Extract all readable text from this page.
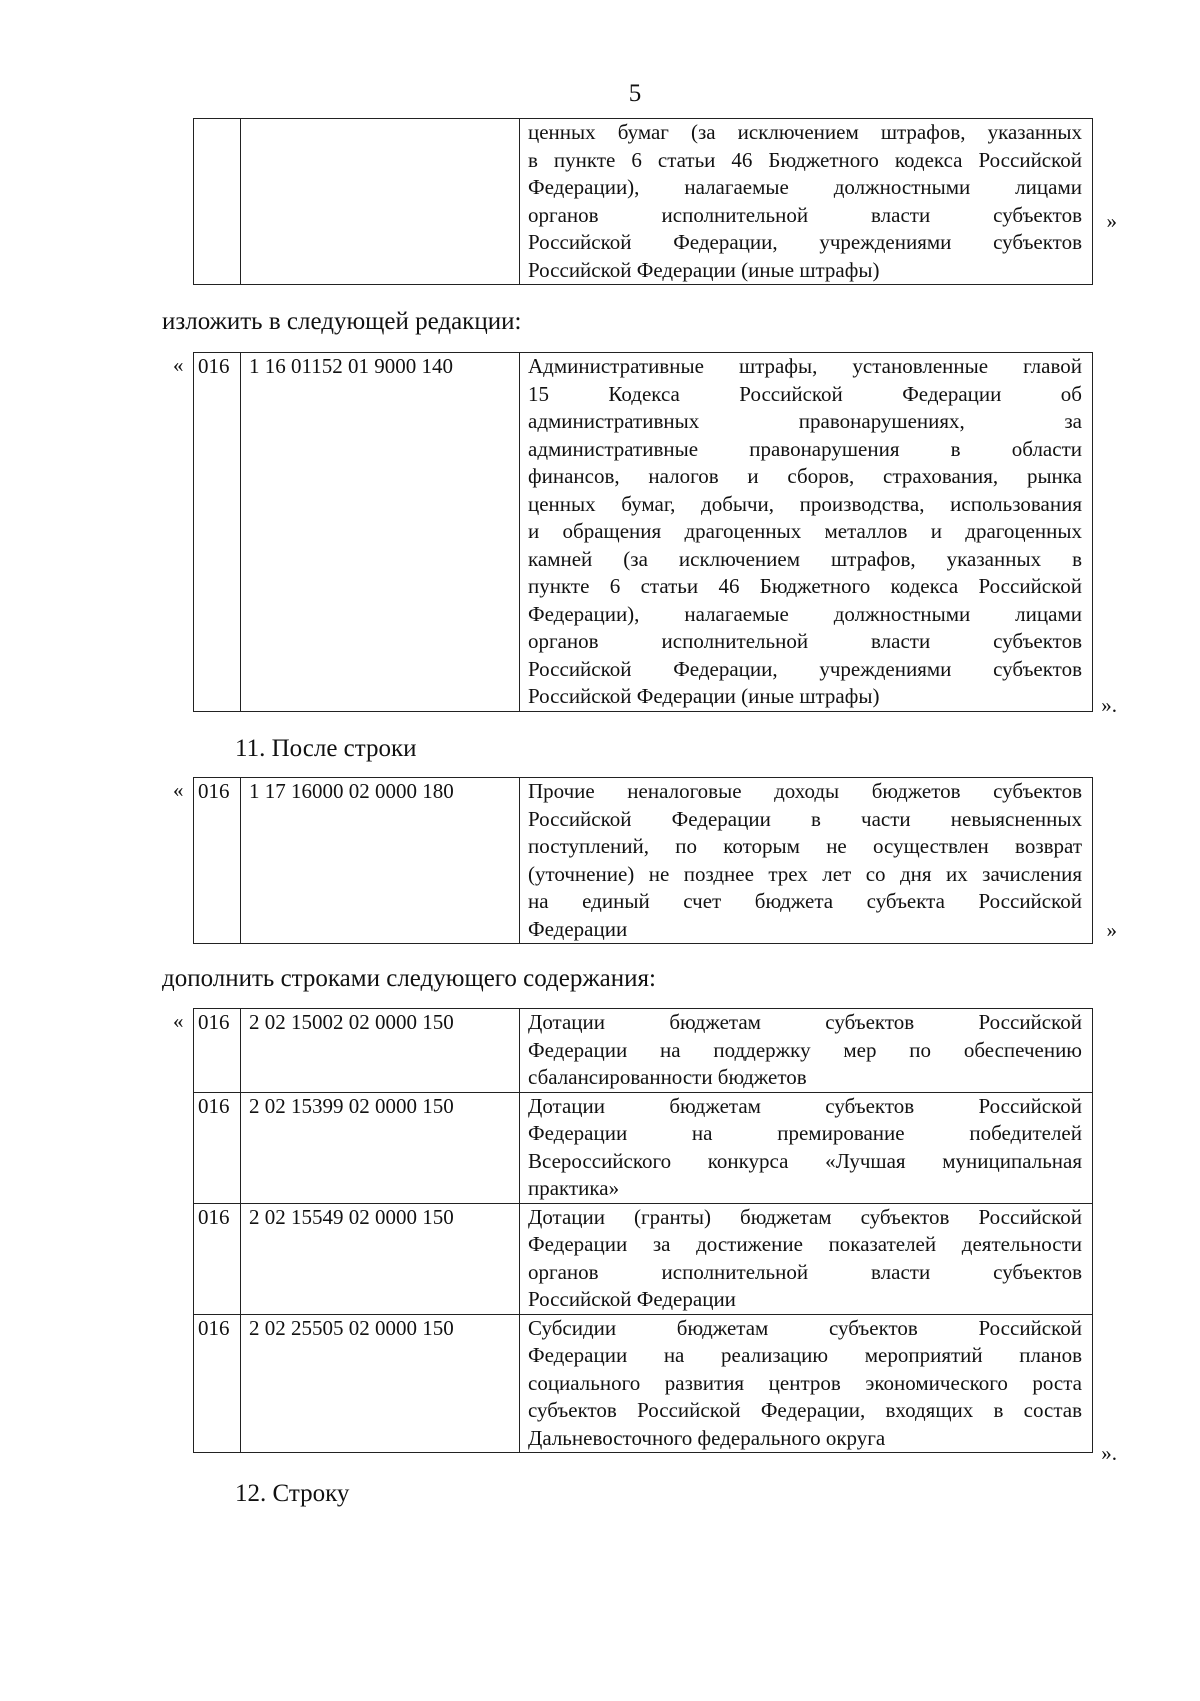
5

ценных бумаг (за исключением штрафов, указанных
в пункте 6 статьи 46 Бюджетного кодекса Российской
Федерации), налагаемые должностными лицами
органов исполнительной власти субъектов
Российской Федерации, учреждениями субъектов
Российской Федерации (иные штрафы)
»
изложить в следующей редакции:
« 016	1 16 01152 01 9000 140	Административные штрафы, установленные главой
15 Кодекса Российской Федерации об
административных правонарушениях, за
административные правонарушения в области
финансов, налогов и сборов, страхования, рынка
ценных бумаг, добычи, производства, использования
и обращения драгоценных металлов и драгоценных
камней (за исключением штрафов, указанных в
пункте 6 статьи 46 Бюджетного кодекса Российской
Федерации), налагаемые должностными лицами
органов исполнительной власти субъектов
Российской Федерации, учреждениями субъектов
Российской Федерации (иные штрафы)	».
11. После строки
« 016	1 17 16000 02 0000 180	Прочие неналоговые доходы бюджетов субъектов
Российской Федерации в части невыясненных
поступлений, по которым не осуществлен возврат
(уточнение) не позднее трех лет со дня их зачисления
на единый счет бюджета субъекта Российской
Федерации	»
дополнить строками следующего содержания:
« 016	2 02 15002 02 0000 150	Дотации бюджетам субъектов Российской
Федерации на поддержку мер по обеспечению
сбалансированности бюджетов

016	2 02 15399 02 0000 150	Дотации бюджетам субъектов Российской
Федерации на премирование победителей
Всероссийского конкурса «Лучшая муниципальная
практика»

016	2 02 15549 02 0000 150	Дотации (гранты) бюджетам субъектов Российской
Федерации за достижение показателей деятельности
органов исполнительной власти субъектов
Российской Федерации

016	2 02 25505 02 0000 150	Субсидии бюджетам субъектов Российской
Федерации на реализацию мероприятий планов
социального развития центров экономического роста
субъектов Российской Федерации, входящих в состав
Дальневосточного федерального округа
».
12. Строку
